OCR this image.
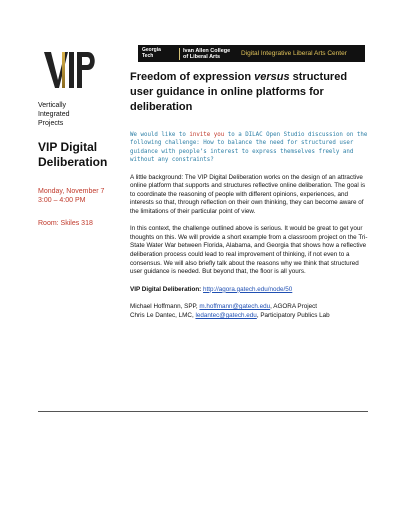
Vertically
Integrated
Projects
VIP Digital
Deliberation
Monday, November 7
3:00 – 4:00 PM
Room: Skiles 318
Georgia
Tech
Ivan Allen College
of Liberal Arts	Digital Integrative Liberal Arts Center
Freedom of expression versus structured user guidance in online platforms for deliberation
We would like to invite you to a DILAC Open Studio discussion on the following challenge: How to balance the need for structured user guidance with people’s interest to express themselves freely and without any constraints?
A little background: The VIP Digital Deliberation works on the design of an attractive online platform that supports and structures reflective online deliberation. The goal is to coordinate the reasoning of people with different opinions, experiences, and interests so that, through reflection on their own thinking, they can become aware of the limitations of their particular point of view.
In this context, the challenge outlined above is serious. It would be great to get your thoughts on this. We will provide a short example from a classroom project on the Tri-State Water War between Florida, Alabama, and Georgia that shows how a reflective deliberation process could lead to real improvement of thinking, if not even to a consensus. We will also briefly talk about the reasons why we think that structured user guidance is needed. But beyond that, the floor is all yours.
VIP Digital Deliberation: http://agora.gatech.edu/node/50
Michael Hoffmann, SPP, m.hoffmann@gatech.edu, AGORA Project
Chris Le Dantec, LMC, ledantec@gatech.edu, Participatory Publics Lab
